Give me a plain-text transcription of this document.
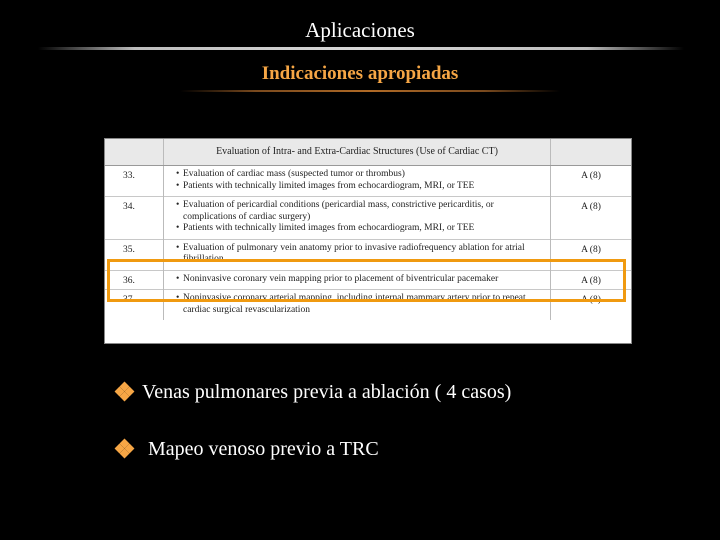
Aplicaciones
Indicaciones apropiadas
	Evaluation of Intra- and Extra-Cardiac Structures (Use of Cardiac CT)	
33.	• Evaluation of cardiac mass (suspected tumor or thrombus)
• Patients with technically limited images from echocardiogram, MRI, or TEE	A (8)
34.	• Evaluation of pericardial conditions (pericardial mass, constrictive pericarditis, or complications of cardiac surgery)
• Patients with technically limited images from echocardiogram, MRI, or TEE	A (8)
35.	• Evaluation of pulmonary vein anatomy prior to invasive radiofrequency ablation for atrial fibrillation	A (8)
36.	• Noninvasive coronary vein mapping prior to placement of biventricular pacemaker	A (8)
37.	• Noninvasive coronary arterial mapping, including internal mammary artery prior to repeat cardiac surgical revascularization	A (8)
Venas pulmonares previa a ablación ( 4 casos)
Mapeo venoso previo a TRC
